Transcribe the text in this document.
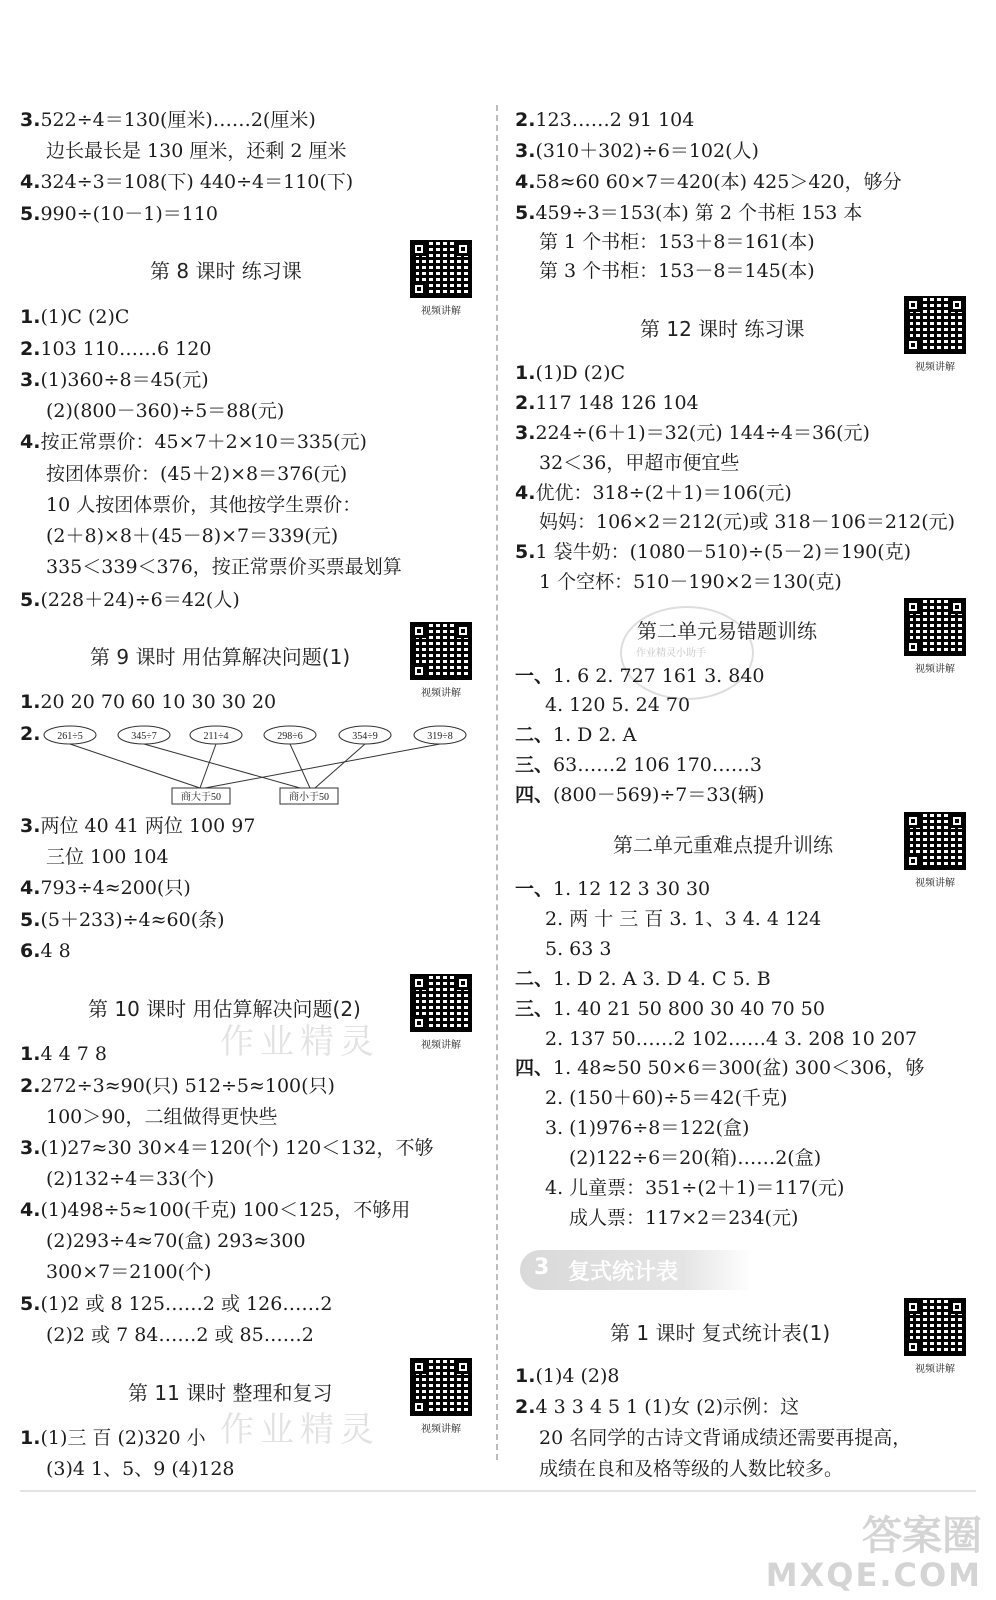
3.522÷4＝130(厘米)……2(厘米)
边长最长是 130 厘米，还剩 2 厘米
4.324÷3＝108(下) 440÷4＝110(下)
5.990÷(10－1)＝110
第 8 课时 练习课
视频讲解
1.(1)C (2)C
2.103 110……6 120
3.(1)360÷8＝45(元)
(2)(800－360)÷5＝88(元)
4.按正常票价：45×7＋2×10＝335(元)
按团体票价：(45＋2)×8＝376(元)
10 人按团体票价，其他按学生票价：
(2＋8)×8＋(45－8)×7＝339(元)
335＜339＜376，按正常票价买票最划算
5.(228＋24)÷6＝42(人)
第 9 课时 用估算解决问题(1)
视频讲解
1.20 20 70 60 10 30 30 20
2. 261÷5	345÷7	211÷4	298÷6	354÷9	319÷8
商大于50	商小于50
3.两位 40 41 两位 100 97
三位 100 104
4.793÷4≈200(只)
5.(5＋233)÷4≈60(条)
6.4 8
作业精灵
第 10 课时 用估算解决问题(2)
视频讲解
1.4 4 7 8
2.272÷3≈90(只) 512÷5≈100(只)
100＞90，二组做得更快些
3.(1)27≈30 30×4＝120(个) 120＜132，不够
(2)132÷4＝33(个)
4.(1)498÷5≈100(千克) 100＜125，不够用
(2)293÷4≈70(盒) 293≈300
300×7＝2100(个)
5.(1)2 或 8 125……2 或 126……2
(2)2 或 7 84……2 或 85……2
作业精灵
第 11 课时 整理和复习
视频讲解
1.(1)三 百 (2)320 小
(3)4 1、5、9 (4)128
2.123……2 91 104
3.(310＋302)÷6＝102(人)
4.58≈60 60×7＝420(本) 425＞420，够分
5.459÷3＝153(本) 第 2 个书柜 153 本
第 1 个书柜：153＋8＝161(本)
第 3 个书柜：153－8＝145(本)
第 12 课时 练习课
视频讲解
1.(1)D (2)C
2.117 148 126 104
3.224÷(6＋1)＝32(元) 144÷4＝36(元)
32＜36，甲超市便宜些
4.优优：318÷(2＋1)＝106(元)
妈妈：106×2＝212(元)或 318－106＝212(元)
5.1 袋牛奶：(1080－510)÷(5－2)＝190(克)
1 个空杯：510－190×2＝130(克)
作业精灵小助手
第二单元易错题训练
视频讲解
一、1. 6 2. 727 161 3. 840
4. 120 5. 24 70
二、1. D 2. A
三、63……2 106 170……3
四、(800－569)÷7＝33(辆)
第二单元重难点提升训练
视频讲解
一、1. 12 12 3 30 30
2. 两 十 三 百 3. 1、3 4. 4 124
5. 63 3
二、1. D 2. A 3. D 4. C 5. B
三、1. 40 21 50 800 30 40 70 50
2. 137 50……2 102……4 3. 208 10 207
四、1. 48≈50 50×6＝300(盆) 300＜306，够
2. (150＋60)÷5＝42(千克)
3. (1)976÷8＝122(盒)
(2)122÷6＝20(箱)……2(盒)
4. 儿童票：351÷(2＋1)＝117(元)
成人票：117×2＝234(元)
3 复式统计表
第 1 课时 复式统计表(1)
视频讲解
1.(1)4 (2)8
2.4 3 3 4 5 1 (1)女 (2)示例：这
20 名同学的古诗文背诵成绩还需要再提高，
成绩在良和及格等级的人数比较多。
答案圈
MXQE.COM
